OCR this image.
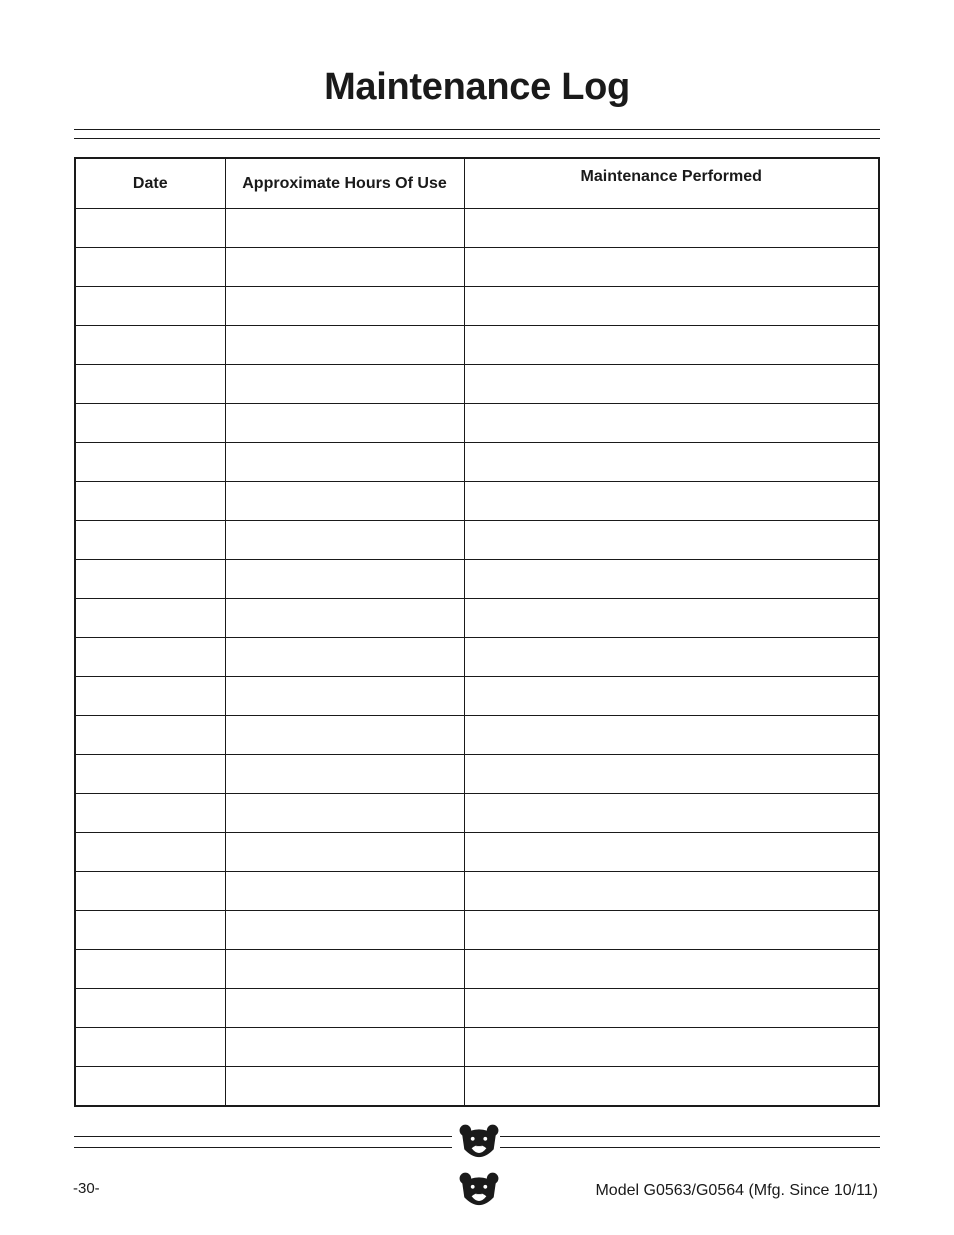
Maintenance Log
Date	Approximate Hours Of Use	Maintenance Performed

-30-	Model G0563/G0564 (Mfg. Since 10/11)
